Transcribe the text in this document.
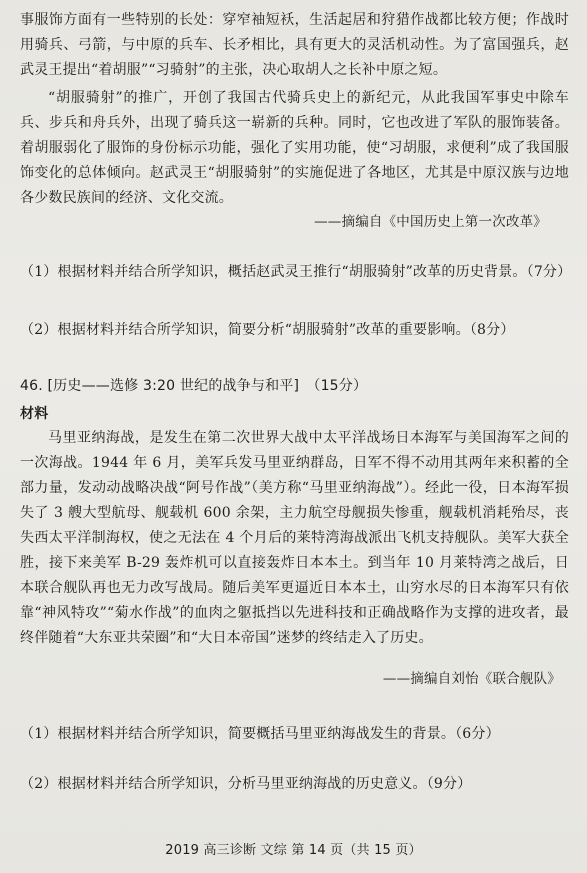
事服饰方面有一些特别的长处：穿窄袖短袄，生活起居和狩猎作战都比较方便；作战时用骑兵、弓箭，与中原的兵车、长矛相比，具有更大的灵活机动性。为了富国强兵，赵武灵王提出“着胡服”“习骑射”的主张，决心取胡人之长补中原之短。

“胡服骑射”的推广，开创了我国古代骑兵史上的新纪元，从此我国军事史中除车兵、步兵和舟兵外，出现了骑兵这一崭新的兵种。同时，它也改进了军队的服饰装备。着胡服弱化了服饰的身份标示功能，强化了实用功能，使“习胡服，求便利”成了我国服饰变化的总体倾向。赵武灵王“胡服骑射”的实施促进了各地区，尤其是中原汉族与边地各少数民族间的经济、文化交流。

——摘编自《中国历史上第一次改革》

（1）根据材料并结合所学知识，概括赵武灵王推行“胡服骑射”改革的历史背景。（7分）

（2）根据材料并结合所学知识，简要分析“胡服骑射”改革的重要影响。（8分）

46. [历史——选修 3:20 世纪的战争与和平]　（15分）

材料

马里亚纳海战，是发生在第二次世界大战中太平洋战场日本海军与美国海军之间的一次海战。1944 年 6 月，美军兵发马里亚纳群岛，日军不得不动用其两年来积蓄的全部力量，发动动战略决战“阿号作战”（美方称“马里亚纳海战”）。经此一役，日本海军损失了 3 艘大型航母、舰载机 600 余架，主力航空母舰损失惨重，舰载机消耗殆尽，丧失西太平洋制海权，使之无法在 4 个月后的莱特湾海战派出飞机支持舰队。美军大获全胜，接下来美军 B-29 轰炸机可以直接轰炸日本本土。到当年 10 月莱特湾之战后，日本联合舰队再也无力改写战局。随后美军更逼近日本本土，山穷水尽的日本海军只有依靠“神风特攻”“菊水作战”的血肉之躯抵挡以先进科技和正确战略作为支撑的进攻者，最终伴随着“大东亚共荣圈”和“大日本帝国”迷梦的终结走入了历史。

——摘编自刘怡《联合舰队》

（1）根据材料并结合所学知识，简要概括马里亚纳海战发生的背景。（6分）

（2）根据材料并结合所学知识，分析马里亚纳海战的历史意义。（9分）

2019 高三诊断 文综 第 14 页（共 15 页）
